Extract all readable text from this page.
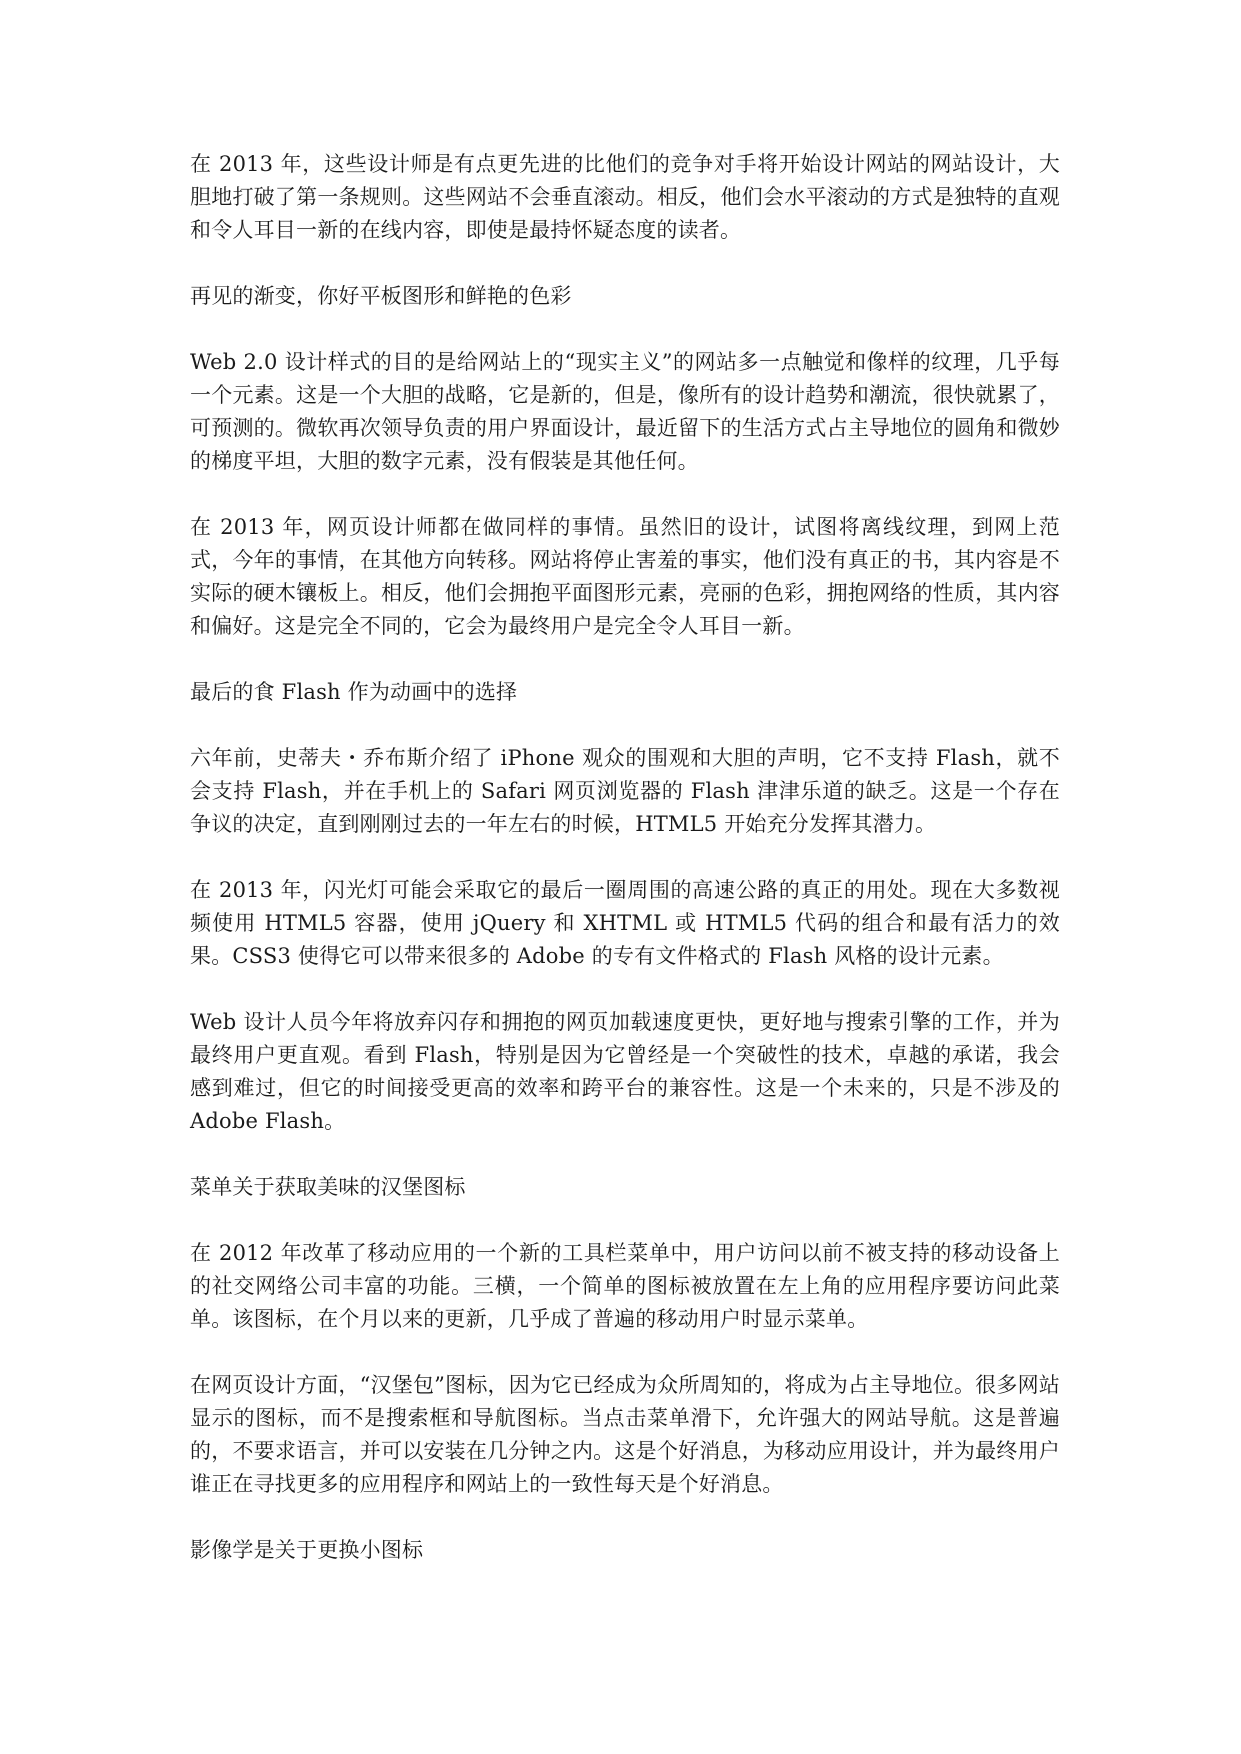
在 2013 年，这些设计师是有点更先进的比他们的竞争对手将开始设计网站的网站设计，大胆地打破了第一条规则。这些网站不会垂直滚动。相反，他们会水平滚动的方式是独特的直观和令人耳目一新的在线内容，即使是最持怀疑态度的读者。

再见的渐变，你好平板图形和鲜艳的色彩

Web 2.0 设计样式的目的是给网站上的“现实主义”的网站多一点触觉和像样的纹理，几乎每一个元素。这是一个大胆的战略，它是新的，但是，像所有的设计趋势和潮流，很快就累了，可预测的。微软再次领导负责的用户界面设计，最近留下的生活方式占主导地位的圆角和微妙的梯度平坦，大胆的数字元素，没有假装是其他任何。

在 2013 年，网页设计师都在做同样的事情。虽然旧的设计，试图将离线纹理，到网上范式，今年的事情，在其他方向转移。网站将停止害羞的事实，他们没有真正的书，其内容是不实际的硬木镶板上。相反，他们会拥抱平面图形元素，亮丽的色彩，拥抱网络的性质，其内容和偏好。这是完全不同的，它会为最终用户是完全令人耳目一新。

最后的食 Flash 作为动画中的选择

六年前，史蒂夫・乔布斯介绍了 iPhone 观众的围观和大胆的声明，它不支持 Flash，就不会支持 Flash，并在手机上的 Safari 网页浏览器的 Flash 津津乐道的缺乏。这是一个存在争议的决定，直到刚刚过去的一年左右的时候，HTML5 开始充分发挥其潜力。

在 2013 年，闪光灯可能会采取它的最后一圈周围的高速公路的真正的用处。现在大多数视频使用 HTML5 容器，使用 jQuery 和 XHTML 或 HTML5 代码的组合和最有活力的效果。CSS3 使得它可以带来很多的 Adobe 的专有文件格式的 Flash 风格的设计元素。

Web 设计人员今年将放弃闪存和拥抱的网页加载速度更快，更好地与搜索引擎的工作，并为最终用户更直观。看到 Flash，特别是因为它曾经是一个突破性的技术，卓越的承诺，我会感到难过，但它的时间接受更高的效率和跨平台的兼容性。这是一个未来的，只是不涉及的 Adobe Flash。

菜单关于获取美味的汉堡图标

在 2012 年改革了移动应用的一个新的工具栏菜单中，用户访问以前不被支持的移动设备上的社交网络公司丰富的功能。三横，一个简单的图标被放置在左上角的应用程序要访问此菜单。该图标，在个月以来的更新，几乎成了普遍的移动用户时显示菜单。

在网页设计方面，“汉堡包”图标，因为它已经成为众所周知的，将成为占主导地位。很多网站显示的图标，而不是搜索框和导航图标。当点击菜单滑下，允许强大的网站导航。这是普遍的，不要求语言，并可以安装在几分钟之内。这是个好消息，为移动应用设计，并为最终用户谁正在寻找更多的应用程序和网站上的一致性每天是个好消息。

影像学是关于更换小图标
